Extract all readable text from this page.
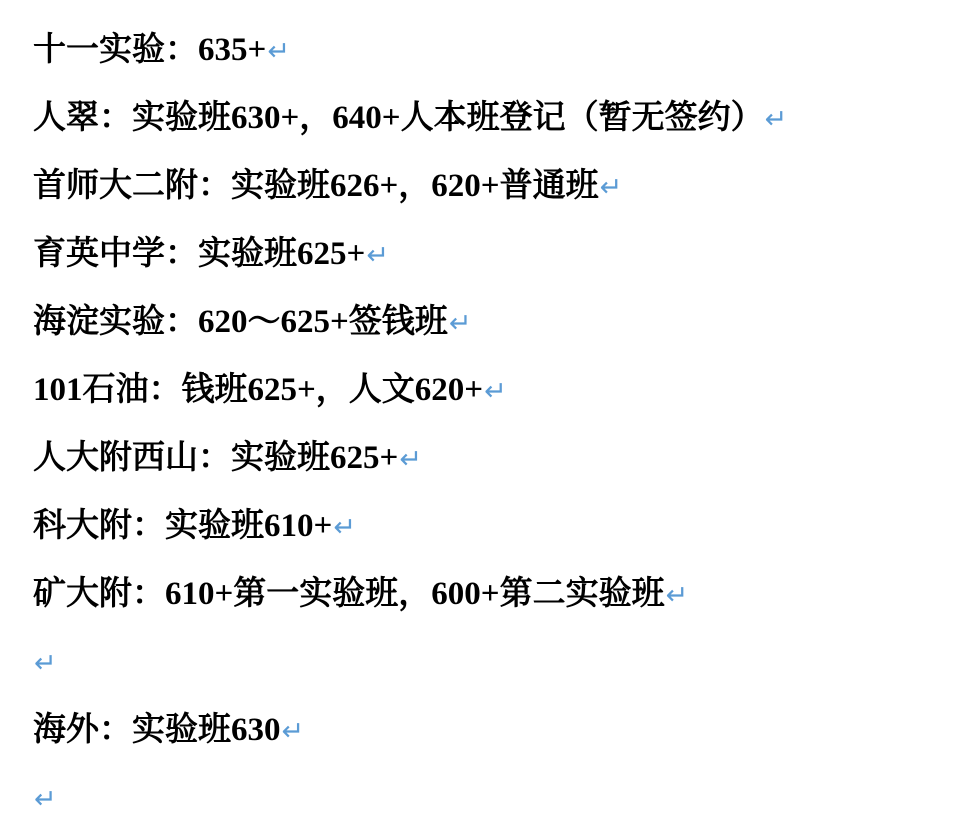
十一实验：635+↵

人翠：实验班630+，640+人本班登记（暂无签约）↵

首师大二附：实验班626+，620+普通班↵

育英中学：实验班625+↵

海淀实验：620～625+签钱班↵

101石油：钱班625+，人文620+↵

人大附西山：实验班625+↵

科大附：实验班610+↵

矿大附：610+第一实验班，600+第二实验班↵

↵

海外：实验班630↵

↵
